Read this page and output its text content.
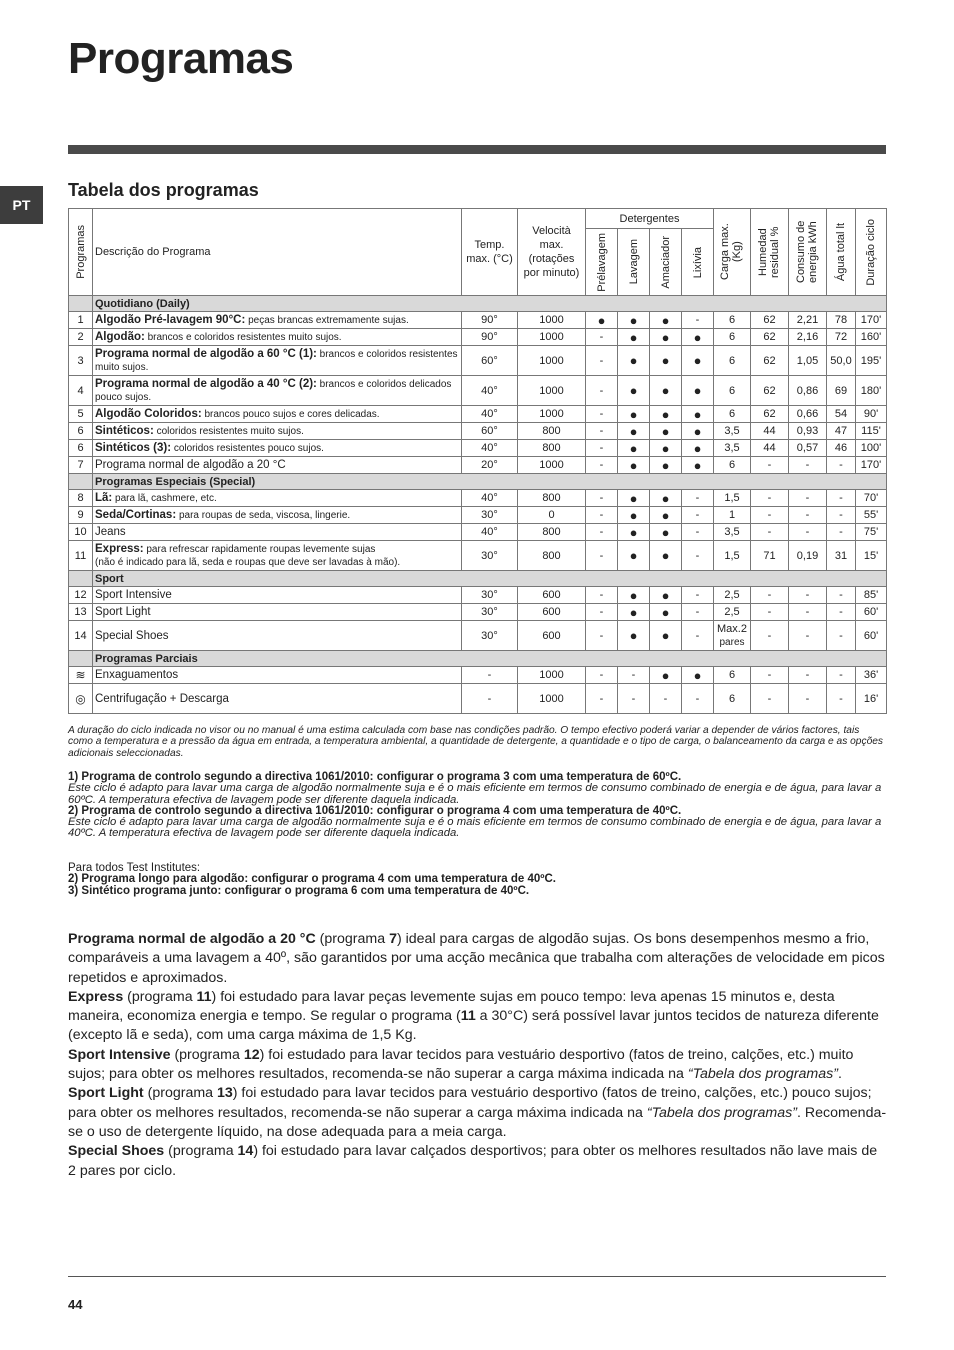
Programas
PT
Tabela dos programas
Programas	Descrição do Programa	Temp. max. (°C)	Velocità max. (rotações por minuto)	Detergentes				Carga max. (Kg)	Humedad residual %	Consumo de energia kWh	Água total lt	Duração ciclo

				Prélavagem	Lavagem	Amaciador	Lixívia					

	Quotidiano (Daily)											
1	Algodão Pré-lavagem 90°C: peças brancas extremamente sujas.	90°	1000	●	●	●	-	6	62	2,21	78	170'
2	Algodão: brancos e coloridos resistentes muito sujos.	90°	1000	-	●	●	●	6	62	2,16	72	160'
3	Programa normal de algodão a 60 °C (1): brancos e coloridos resistentes muito sujos.	60°	1000	-	●	●	●	6	62	1,05	50,0	195'
4	Programa normal de algodão a 40 °C (2): brancos e coloridos delicados pouco sujos.	40°	1000	-	●	●	●	6	62	0,86	69	180'
5	Algodão Coloridos: brancos pouco sujos e cores delicadas.	40°	1000	-	●	●	●	6	62	0,66	54	90'
6	Sintéticos: coloridos resistentes muito sujos.	60°	800	-	●	●	●	3,5	44	0,93	47	115'
6	Sintéticos (3): coloridos resistentes pouco sujos.	40°	800	-	●	●	●	3,5	44	0,57	46	100'
7	Programa normal de algodão a 20 °C	20°	1000	-	●	●	●	6	-	-	-	170'
	Programas Especiais (Special)											
8	Lã: para lã, cashmere, etc.	40°	800	-	●	●	-	1,5	-	-	-	70'
9	Seda/Cortinas: para roupas de seda, viscosa, lingerie.	30°	0	-	●	●	-	1	-	-	-	55'
10	Jeans	40°	800	-	●	●	-	3,5	-	-	-	75'
11	Express: para refrescar rapidamente roupas levemente sujas
(não é indicado para lã, seda e roupas que deve ser lavadas à mão).	30°	800	-	●	●	-	1,5	71	0,19	31	15'
	Sport											
12	Sport Intensive	30°	600	-	●	●	-	2,5	-	-	-	85'
13	Sport Light	30°	600	-	●	●	-	2,5	-	-	-	60'
14	Special Shoes	30°	600	-	●	●	-	Max.2
pares	-	-	-	60'
	Programas Parciais											
≋	Enxaguamentos	-	1000	-	-	●	●	6	-	-	-	36'
◎	Centrifugação + Descarga	-	1000	-	-	-	-	6	-	-	-	16'

A duração do ciclo indicada no visor ou no manual é uma estima calculada com base nas condições padrão. O tempo efectivo poderá variar a depender de vários factores, tais como a temperatura e a pressão da água em entrada, a temperatura ambiental, a quantidade de detergente, a quantidade e o tipo de carga, o balanceamento da carga e as opções adicionais seleccionadas.

1) Programa de controlo segundo a directiva 1061/2010: configurar o programa 3 com uma temperatura de 60ºC.
Este ciclo é adapto para lavar uma carga de algodão normalmente suja e é o mais eficiente em termos de consumo combinado de energia e de água, para lavar a 60ºC. A temperatura efectiva de lavagem pode ser diferente daquela indicada.
2) Programa de controlo segundo a directiva 1061/2010: configurar o programa 4 com uma temperatura de 40ºC.
Este ciclo é adapto para lavar uma carga de algodão normalmente suja e é o mais eficiente em termos de consumo combinado de energia e de água, para lavar a 40ºC. A temperatura efectiva de lavagem pode ser diferente daquela indicada.
Para todos Test Institutes:
2) Programa longo para algodão: configurar o programa 4 com uma temperatura de 40ºC.
3) Sintético programa junto: configurar o programa 6 com uma temperatura de 40ºC.

Programa normal de algodão a 20 °C (programa 7) ideal para cargas de algodão sujas. Os bons desempenhos mesmo a frio, comparáveis a uma lavagem a 40º, são garantidos por uma acção mecânica que trabalha com alterações de velocidade em picos repetidos e aproximados.

Express (programa 11) foi estudado para lavar peças levemente sujas em pouco tempo: leva apenas 15 minutos e, desta maneira, economiza energia e tempo. Se regular o programa (11 a 30°C) será possível lavar juntos tecidos de natureza diferente (excepto lã e seda), com uma carga máxima de 1,5 Kg.

Sport Intensive (programa 12) foi estudado para lavar tecidos para vestuário desportivo (fatos de treino, calções, etc.) muito sujos; para obter os melhores resultados, recomenda-se não superar a carga máxima indicada na “Tabela dos programas”.

Sport Light (programa 13) foi estudado para lavar tecidos para vestuário desportivo (fatos de treino, calções, etc.) pouco sujos; para obter os melhores resultados, recomenda-se não superar a carga máxima indicada na “Tabela dos programas”. Recomenda-se o uso de detergente líquido, na dose adequada para a meia carga.

Special Shoes (programa 14) foi estudado para lavar calçados desportivos; para obter os melhores resultados não lave mais de 2 pares por ciclo.

44
